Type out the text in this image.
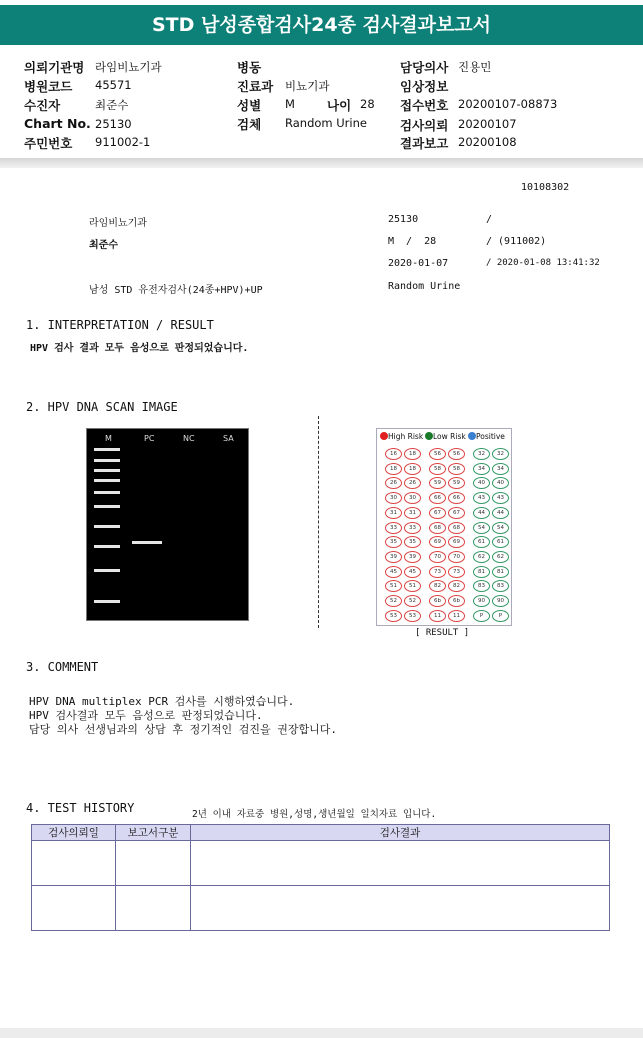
STD 남성종합검사24종 검사결과보고서
의뢰기관명 라임비뇨기과
병원코드 45571
수진자	최준수
Chart No. 25130
주민번호 911002-1
병동
진료과 비뇨기과
성별 M	나이 28
검체 Random Urine
담당의사 진용민
임상정보
접수번호 20200107-08873
검사의뢰 20200107
결과보고 20200108
10108302
라임비뇨기과	25130	/
최준수	M  /  28	/ (911002)
2020-01-07	/ 2020-01-08 13:41:32
남성 STD 유전자검사(24종+HPV)+UP	Random Urine
1. INTERPRETATION / RESULT
HPV 검사 결과 모두 음성으로 판정되었습니다.
2. HPV DNA SCAN IMAGE
M	PC	NC	SA	High Risk	Low Risk	Positive
16	18	56	56	32	32
18	18	58	58	34	34
26	26	59	59	40	40
30	30	66	66	43	43
31	31	67	67	44	44
33	33	68	68	54	54
35	35	69	69	61	61
39	39	70	70	62	62
45	45	73	73	81	81
51	51	82	82	83	83
52	52	6b	6b	90	90
53	53	11	11	P	P
[ RESULT ]
3. COMMENT
HPV DNA multiplex PCR 검사를 시행하였습니다.
HPV 검사결과 모두 음성으로 판정되었습니다.
담당 의사 선생님과의 상담 후 정기적인 검진을 권장합니다.
4. TEST HISTORY	2년 이내 자료중 병원,성명,생년월일 일치자료 입니다.
검사의뢰일	보고서구분	검사결과
